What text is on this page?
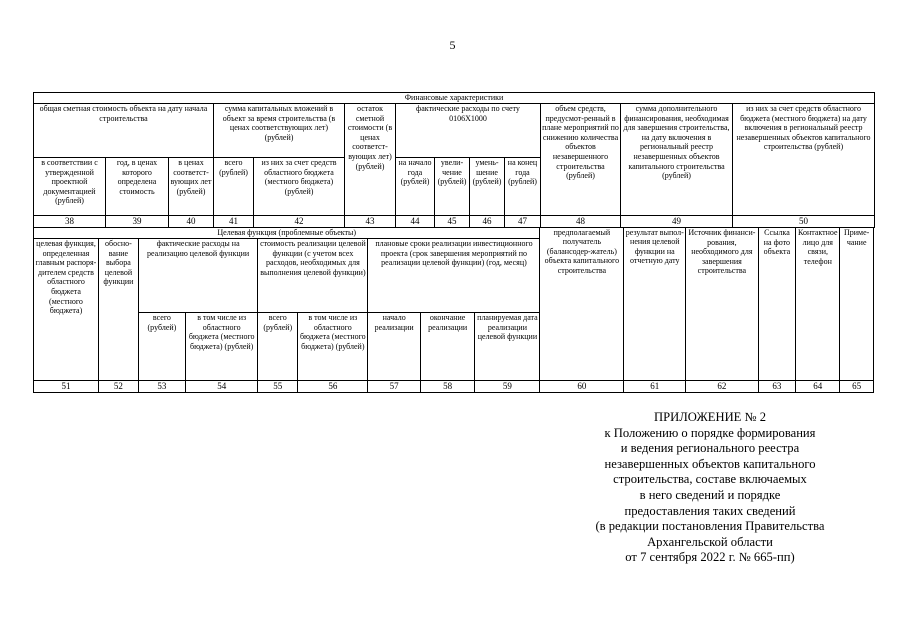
5
Финансовые характеристики												
общая сметная стоимость объекта на дату начала строительства			сумма капитальных вложений в объект за время строительства (в ценах соответствующих лет) (рублей)		остаток сметной стоимости (в ценах соответст-вующих лет) (рублей)	фактические расходы по счету 0106Х1000				объем средств, предусмот-ренный в плане мероприятий по снижению количества объектов незавершенного строительства (рублей)	сумма дополнительного финансирования, необходимая для завершения строительства, на дату включения в региональный реестр незавершенных объектов капитального строительства (рублей)	из них за счет средств областного бюджета (местного бюджета) на дату включения в региональный реестр незавершенных объектов капитального строительства (рублей)
в соответствии с утвержденной проектной документацией (рублей)	год, в ценах которого определена стоимость	в ценах соответст-вующих лет (рублей)	всего (рублей)	из них за счет средств областного бюджета (местного бюджета) (рублей)		на начало года (рублей)	увели-чение (рублей)	умень-шение (рублей)	на конец года (рублей)			
38	39	40	41	42	43	44	45	46	47	48	49	50
Целевая функция (проблемные объекты)									предполагаемый получатель (балансодер-жатель) объекта капитального строительства	результат выпол-нения целевой функции на отчетную дату	Источник финанси-рования, необходимого для завершения строительства	Ссылка на фото объекта	Контактное лицо для связи, телефон	Приме-чание
целевая функция, определенная главным распоря-дителем средств областного бюджета (местного бюджета)	обосно-вание выбора целевой функции	фактические расходы на реализацию целевой функции		стоимость реализации целевой функции (с учетом всех расходов, необходимых для выполнения целевой функции)		плановые сроки реализации инвестиционного проекта (срок завершения мероприятий по реализации целевой функции) (год, месяц)								
		всего (рублей)	в том числе из областного бюджета (местного бюджета) (рублей)	всего (рублей)	в том числе из областного бюджета (местного бюджета) (рублей)	начало реализации	окончание реализации	планируемая дата реализации целевой функции						
51	52	53	54	55	56	57	58	59	60	61	62	63	64	65
ПРИЛОЖЕНИЕ № 2
к Положению о порядке формирования
и ведения регионального реестра
незавершенных объектов капитального
строительства, составе включаемых
в него сведений и порядке
предоставления таких сведений
(в редакции постановления Правительства
Архангельской области
от 7 сентября 2022 г. № 665-пп)
